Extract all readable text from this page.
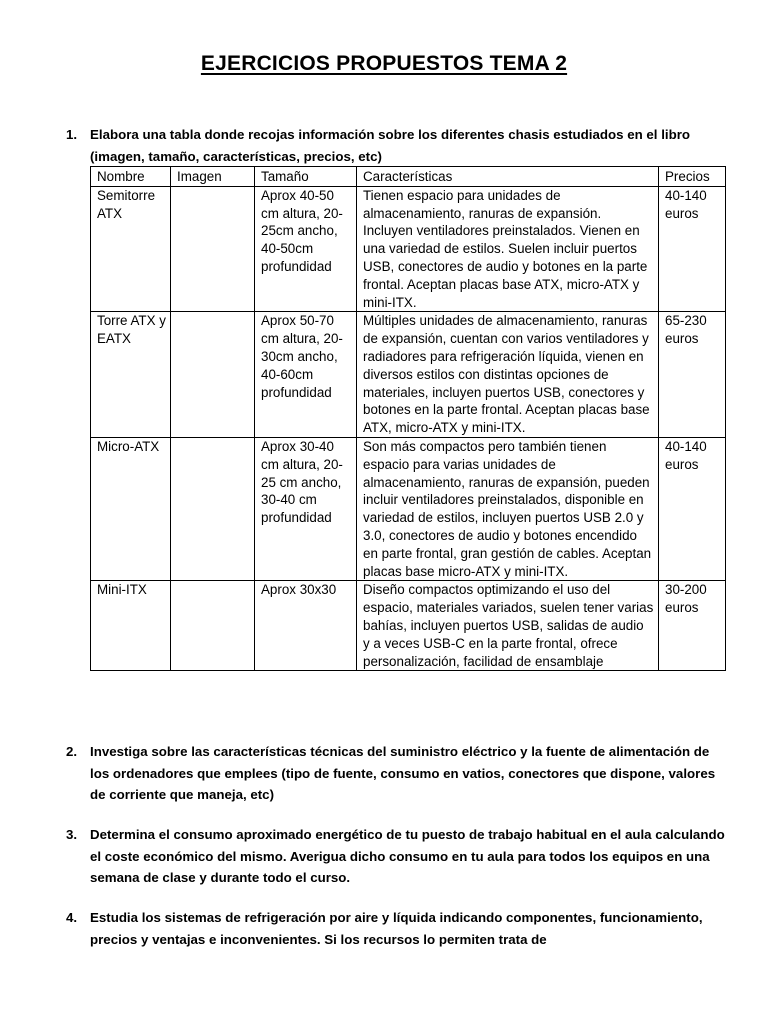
EJERCICIOS PROPUESTOS TEMA 2
1. Elabora una tabla donde recojas información sobre los diferentes chasis estudiados en el libro (imagen, tamaño, características, precios, etc)
Nombre	Imagen	Tamaño	Características	Precios
Semitorre ATX		Aprox 40-50 cm altura, 20-25cm ancho, 40-50cm profundidad	Tienen espacio para unidades de almacenamiento, ranuras de expansión. Incluyen ventiladores preinstalados. Vienen en una variedad de estilos. Suelen incluir puertos USB, conectores de audio y botones en la parte frontal. Aceptan placas base ATX, micro-ATX y mini-ITX.	40-140 euros
Torre ATX y EATX		Aprox 50-70 cm altura, 20-30cm ancho, 40-60cm profundidad	Múltiples unidades de almacenamiento, ranuras de expansión, cuentan con varios ventiladores y radiadores para refrigeración líquida, vienen en diversos estilos con distintas opciones de materiales, incluyen puertos USB, conectores y botones en la parte frontal. Aceptan placas base ATX, micro-ATX y mini-ITX.	65-230 euros
Micro-ATX		Aprox 30-40 cm altura, 20-25 cm ancho, 30-40 cm profundidad	Son más compactos pero también tienen espacio para varias unidades de almacenamiento, ranuras de expansión, pueden incluir ventiladores preinstalados, disponible en variedad de estilos, incluyen puertos USB 2.0 y 3.0, conectores de audio y botones encendido en parte frontal, gran gestión de cables. Aceptan placas base micro-ATX y mini-ITX.	40-140 euros
Mini-ITX		Aprox 30x30	Diseño compactos optimizando el uso del espacio, materiales variados, suelen tener varias bahías, incluyen puertos USB, salidas de audio y a veces USB-C en la parte frontal, ofrece personalización, facilidad de ensamblaje	30-200 euros
2. Investiga sobre las características técnicas del suministro eléctrico y la fuente de alimentación de los ordenadores que emplees (tipo de fuente, consumo en vatios, conectores que dispone, valores de corriente que maneja, etc)
3. Determina el consumo aproximado energético de tu puesto de trabajo habitual en el aula calculando el coste económico del mismo. Averigua dicho consumo en tu aula para todos los equipos en una semana de clase y durante todo el curso.
4. Estudia los sistemas de refrigeración por aire y líquida indicando componentes, funcionamiento, precios y ventajas e inconvenientes. Si los recursos lo permiten trata de
